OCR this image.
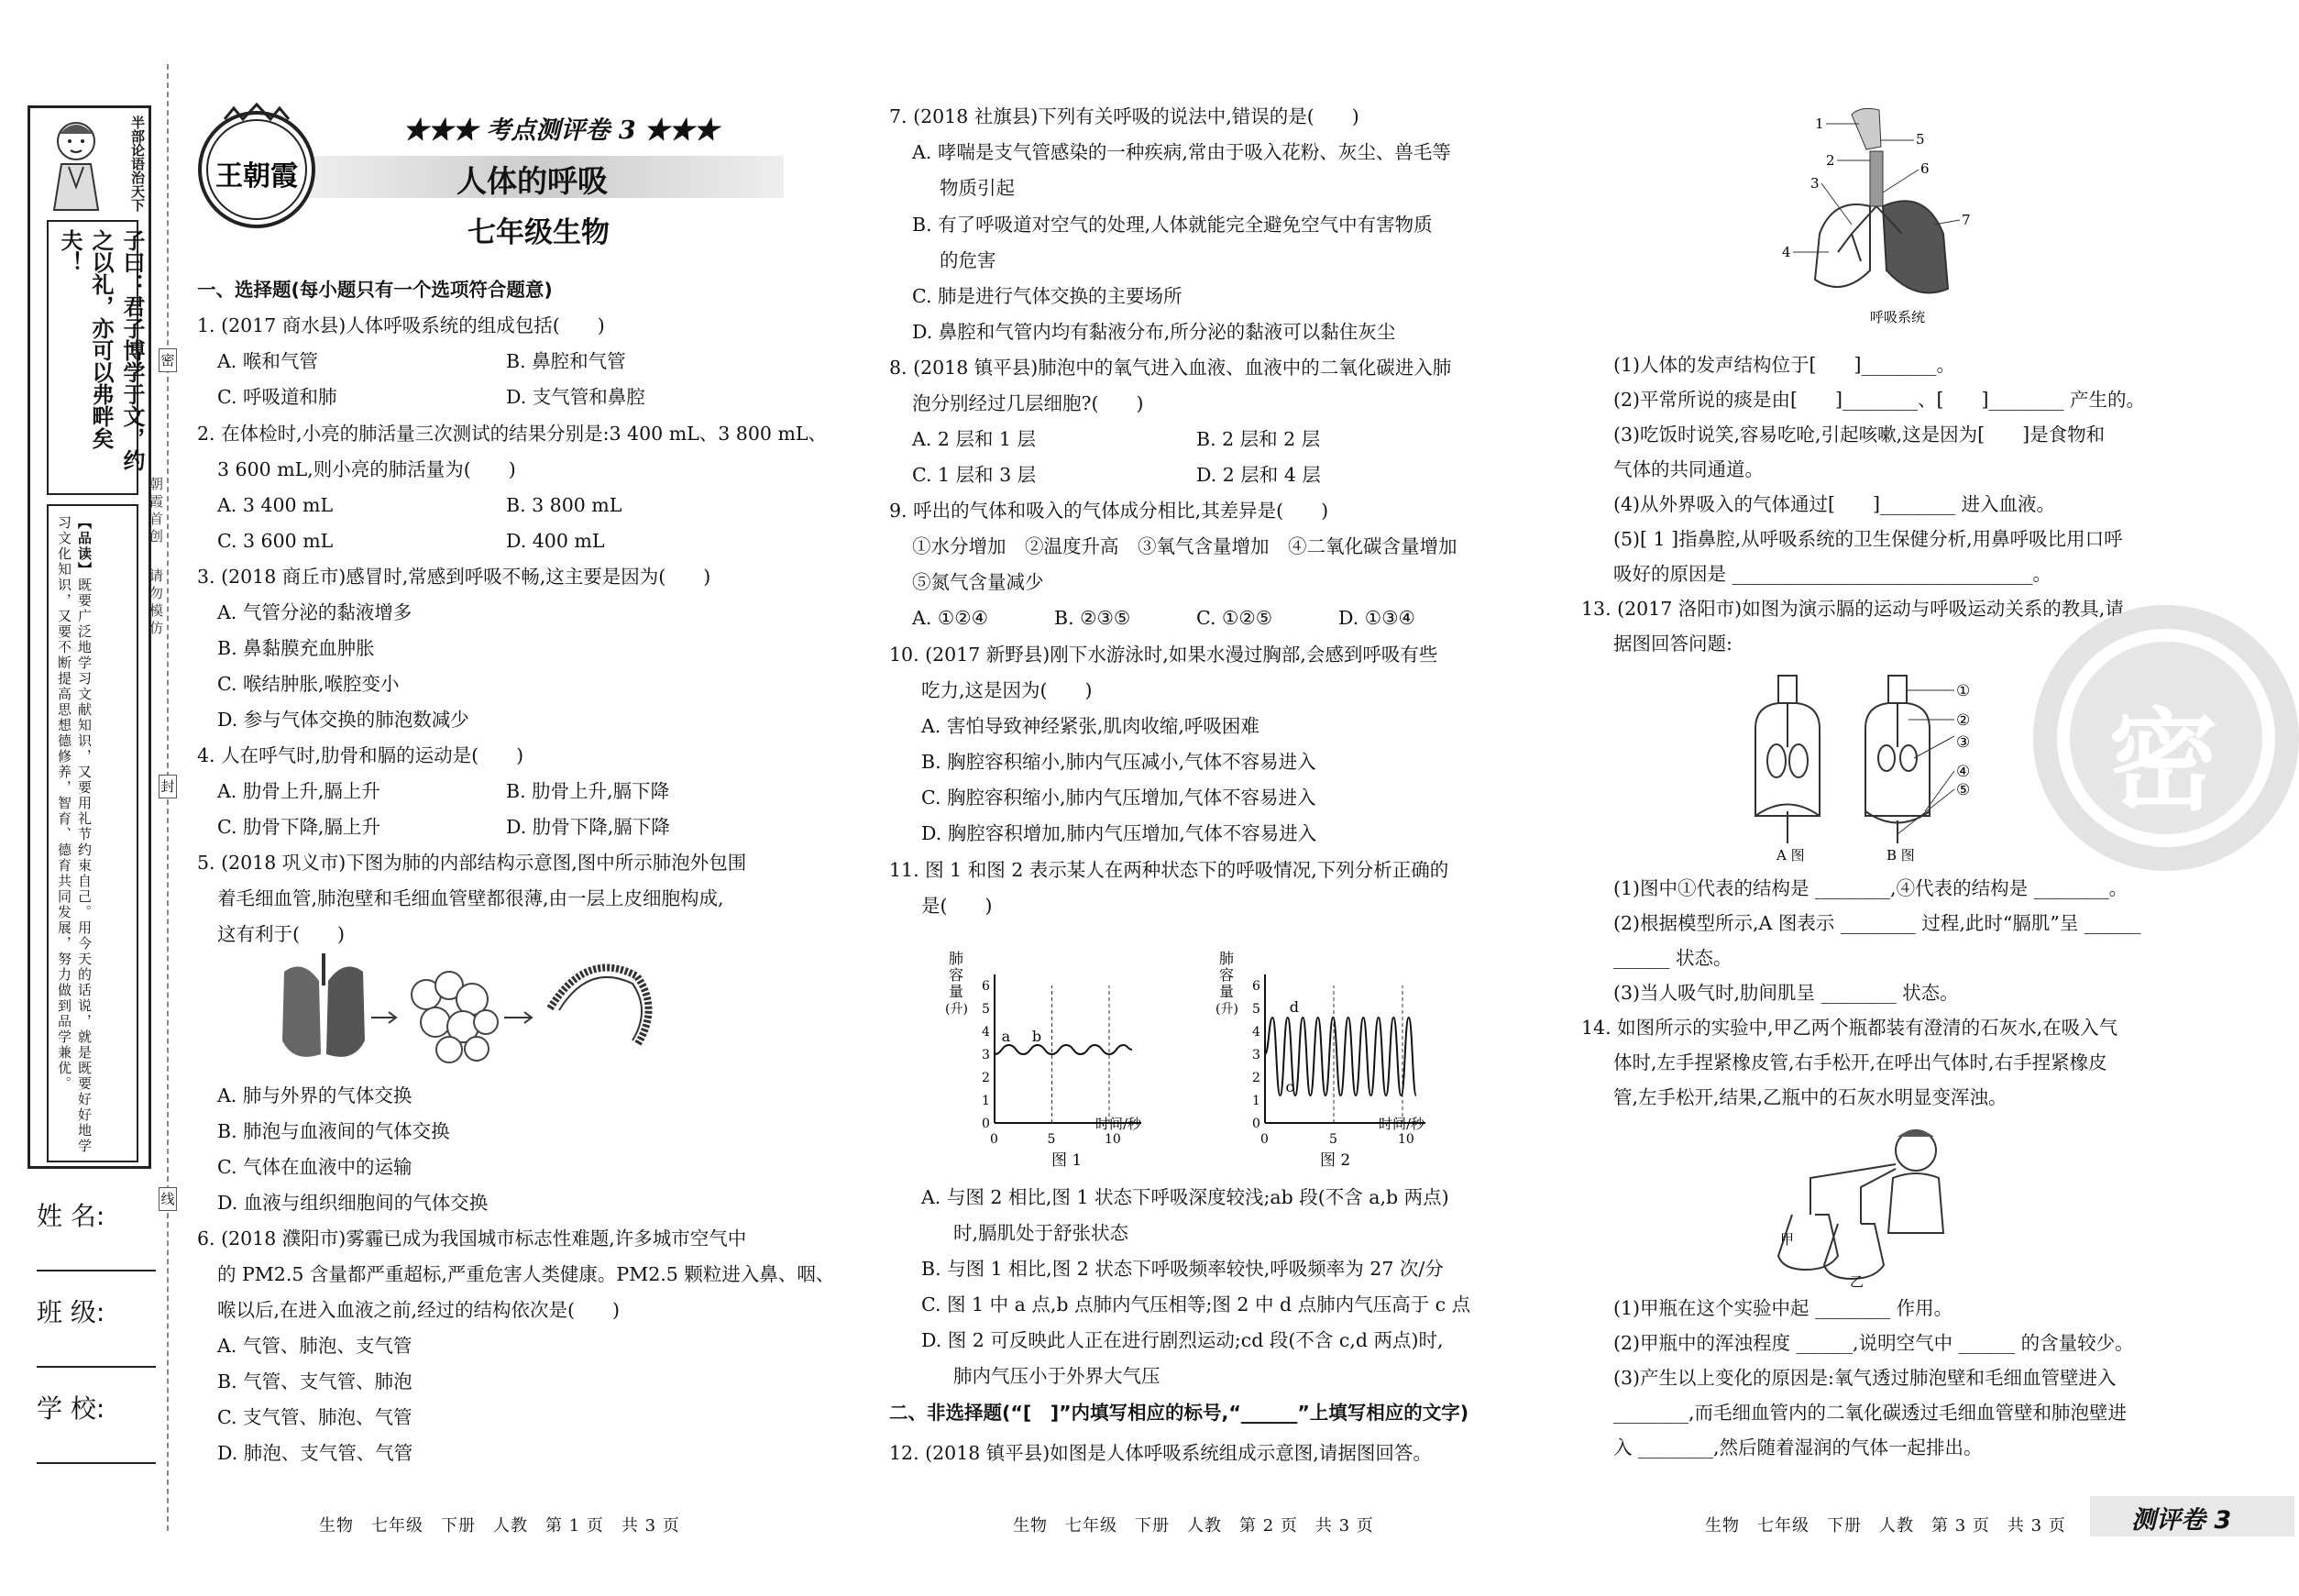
半部论语治天下
子曰：君子博学于文，约之以礼，亦可以弗畔矣夫！
【品读】既要广泛地学习文献知识，又要用礼节约束自己。用今天的话说，就是既要好好地学习文化知识，又要不断提高思想德修养，智育、德育共同发展，努力做到品学兼优。
密
封
线
朝霞首创
请勿模仿
姓 名:
班 级:
学 校:
王朝霞
★★★ 考点测评卷 3 ★★★
人体的呼吸
七年级生物
一、选择题(每小题只有一个选项符合题意)
1. (2017 商水县)人体呼吸系统的组成包括(　　)
A. 喉和气管	B. 鼻腔和气管
C. 呼吸道和肺	D. 支气管和鼻腔
2. 在体检时,小亮的肺活量三次测试的结果分别是:3 400 mL、3 800 mL、
3 600 mL,则小亮的肺活量为(　　)
A. 3 400 mL	B. 3 800 mL
C. 3 600 mL	D. 400 mL
3. (2018 商丘市)感冒时,常感到呼吸不畅,这主要是因为(　　)
A. 气管分泌的黏液增多
B. 鼻黏膜充血肿胀
C. 喉结肿胀,喉腔变小
D. 参与气体交换的肺泡数减少
4. 人在呼气时,肋骨和膈的运动是(　　)
A. 肋骨上升,膈上升	B. 肋骨上升,膈下降
C. 肋骨下降,膈上升	D. 肋骨下降,膈下降
5. (2018 巩义市)下图为肺的内部结构示意图,图中所示肺泡外包围
着毛细血管,肺泡壁和毛细血管壁都很薄,由一层上皮细胞构成,
这有利于(　　)
A. 肺与外界的气体交换
B. 肺泡与血液间的气体交换
C. 气体在血液中的运输
D. 血液与组织细胞间的气体交换
6. (2018 濮阳市)雾霾已成为我国城市标志性难题,许多城市空气中
的 PM2.5 含量都严重超标,严重危害人类健康。PM2.5 颗粒进入鼻、咽、
喉以后,在进入血液之前,经过的结构依次是(　　)
A. 气管、肺泡、支气管
B. 气管、支气管、肺泡
C. 支气管、肺泡、气管
D. 肺泡、支气管、气管
7. (2018 社旗县)下列有关呼吸的说法中,错误的是(　　)
A. 哮喘是支气管感染的一种疾病,常由于吸入花粉、灰尘、兽毛等
物质引起
B. 有了呼吸道对空气的处理,人体就能完全避免空气中有害物质
的危害
C. 肺是进行气体交换的主要场所
D. 鼻腔和气管内均有黏液分布,所分泌的黏液可以黏住灰尘
8. (2018 镇平县)肺泡中的氧气进入血液、血液中的二氧化碳进入肺
泡分别经过几层细胞?(　　)
A. 2 层和 1 层	B. 2 层和 2 层
C. 1 层和 3 层	D. 2 层和 4 层
9. 呼出的气体和吸入的气体成分相比,其差异是(　　)
①水分增加　②温度升高　③氧气含量增加　④二氧化碳含量增加
⑤氮气含量减少
A. ①②④	B. ②③⑤	C. ①②⑤	D. ①③④
10. (2017 新野县)刚下水游泳时,如果水漫过胸部,会感到呼吸有些
吃力,这是因为(　　)
A. 害怕导致神经紧张,肌肉收缩,呼吸困难
B. 胸腔容积缩小,肺内气压减小,气体不容易进入
C. 胸腔容积缩小,肺内气压增加,气体不容易进入
D. 胸腔容积增加,肺内气压增加,气体不容易进入
11. 图 1 和图 2 表示某人在两种状态下的呼吸情况,下列分析正确的
是(　　)
0
1
2
3
4
5
6
0	5	10
肺
容
量
(升)
时间/秒
a b
图 1
0
1
2
3
4
5
6
0	5	10
肺
容
量
(升)
时间/秒
c
d
图 2
A. 与图 2 相比,图 1 状态下呼吸深度较浅;ab 段(不含 a,b 两点)
时,膈肌处于舒张状态
B. 与图 1 相比,图 2 状态下呼吸频率较快,呼吸频率为 27 次/分
C. 图 1 中 a 点,b 点肺内气压相等;图 2 中 d 点肺内气压高于 c 点
D. 图 2 可反映此人正在进行剧烈运动;cd 段(不含 c,d 两点)时,
肺内气压小于外界大气压
二、非选择题(“[　]”内填写相应的标号,“______”上填写相应的文字)
12. (2018 镇平县)如图是人体呼吸系统组成示意图,请据图回答。
1
2
3
4
5
6
7
呼吸系统
(1)人体的发声结构位于[　　]________。
(2)平常所说的痰是由[　　]________、[　　]________ 产生的。
(3)吃饭时说笑,容易吃呛,引起咳嗽,这是因为[　　]是食物和
气体的共同通道。
(4)从外界吸入的气体通过[　　]________ 进入血液。
(5)[ 1 ]指鼻腔,从呼吸系统的卫生保健分析,用鼻呼吸比用口呼
吸好的原因是 ________________________________。
13. (2017 洛阳市)如图为演示膈的运动与呼吸运动关系的教具,请
据图回答问题:
①
②
③
④
⑤
A 图	B 图
(1)图中①代表的结构是 ________,④代表的结构是 ________。
(2)根据模型所示,A 图表示 ________ 过程,此时“膈肌”呈 ______
______ 状态。
(3)当人吸气时,肋间肌呈 ________ 状态。
14. 如图所示的实验中,甲乙两个瓶都装有澄清的石灰水,在吸入气
体时,左手捏紧橡皮管,右手松开,在呼出气体时,右手捏紧橡皮
管,左手松开,结果,乙瓶中的石灰水明显变浑浊。
甲
乙
(1)甲瓶在这个实验中起 ________ 作用。
(2)甲瓶中的浑浊程度 ______,说明空气中 ______ 的含量较少。
(3)产生以上变化的原因是:氧气透过肺泡壁和毛细血管壁进入
________,而毛细血管内的二氧化碳透过毛细血管壁和肺泡壁进
入 ________,然后随着湿润的气体一起排出。
密
生物　七年级　下册　人教　第 1 页　共 3 页	生物　七年级　下册　人教　第 2 页　共 3 页	生物　七年级　下册　人教　第 3 页　共 3 页	测评卷 3
